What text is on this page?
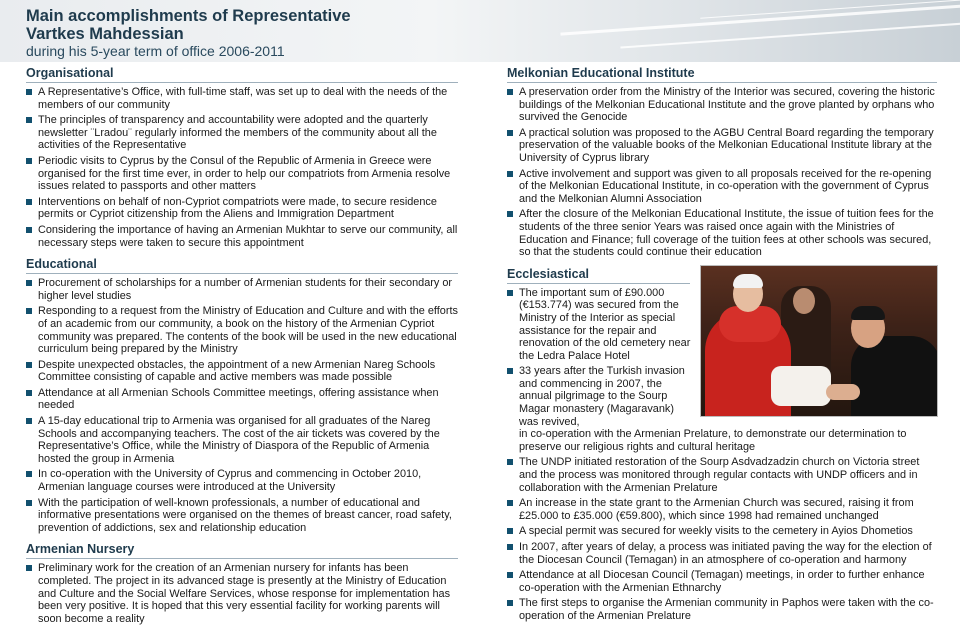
Main accomplishments of Representative
Vartkes Mahdessian
during his 5-year term of office 2006-2011
Organisational
A Representative’s Office, with full-time staff, was set up to deal with the needs of the members of our community
The principles of transparency and accountability were adopted and the quarterly newsletter ¨Lradou¨ regularly informed the members of the community about all the activities of the Representative
Periodic visits to Cyprus by the Consul of the Republic of Armenia in Greece were organised for the first time ever, in order to help our compatriots from Armenia resolve issues related to passports and other matters
Interventions on behalf of non-Cypriot compatriots were made, to secure residence permits or Cypriot citizenship from the Aliens and Immigration Department
Considering the importance of having an Armenian Mukhtar to serve our community, all necessary steps were taken to secure this appointment
Educational
Procurement of scholarships for a number of Armenian students for their secondary or higher level studies
Responding to a request from the Ministry of Education and Culture and with the efforts of an academic from our community, a book on the history of the Armenian Cypriot community was prepared. The contents of the book will be used in the new educational curriculum being prepared by the Ministry
Despite unexpected obstacles, the appointment of a new Armenian Nareg Schools Committee consisting of capable and active members was made possible
Attendance at all Armenian Schools Committee meetings, offering assistance when needed
A 15-day educational trip to Armenia was organised for all graduates of the Nareg Schools and accompanying teachers. The cost of the air tickets was covered by the Representative’s Office, while the Ministry of Diaspora of the Republic of Armenia hosted the group in Armenia
In co-operation with the University of Cyprus and commencing in October 2010, Armenian language courses were introduced at the University
With the participation of well-known professionals, a number of educational and informative presentations were organised on the themes of breast cancer, road safety, prevention of addictions, sex and relationship education
Armenian Nursery
Preliminary work for the creation of an Armenian nursery for infants has been completed. The project in its advanced stage is presently at the Ministry of Education and Culture and the Social Welfare Services, whose response for implementation has been very positive. It is hoped that this very essential facility for working parents will soon become a reality
Melkonian Educational Institute
A preservation order from the Ministry of the Interior was secured, covering the historic buildings of the Melkonian Educational Institute and the grove planted by orphans who survived the Genocide
A practical solution was proposed to the AGBU Central Board regarding the temporary preservation of the valuable books of the Melkonian Educational Institute library at the University of Cyprus library
Active involvement and support was given to all proposals received for the re-opening of the Melkonian Educational Institute, in co-operation with the government of Cyprus and the Melkonian Alumni Association
After the closure of the Melkonian Educational Institute, the issue of tuition fees for the students of the three senior Years was raised once again with the Ministries of Education and Finance; full coverage of the tuition fees at other schools was secured, so that the students could continue their education
Ecclesiastical
The important sum of £90.000 (€153.774) was secured from the Ministry of the Interior as special assistance for the repair and renovation of the old cemetery near the Ledra Palace Hotel
33 years after the Turkish invasion and commencing in 2007, the annual pilgrimage to the Sourp Magar monastery (Magaravank) was revived,
in co-operation with the Armenian Prelature, to demonstrate our determination to preserve our religious rights and cultural heritage
The UNDP initiated restoration of the Sourp Asdvadzadzin church on Victoria street and the process was monitored through regular contacts with UNDP officers and in collaboration with the Armenian Prelature
An increase in the state grant to the Armenian Church was secured, raising it from £25.000 to £35.000 (€59.800), which since 1998 had remained unchanged
A special permit was secured for weekly visits to the cemetery in Ayios Dhometios
In 2007, after years of delay, a process was initiated paving the way for the election of the Diocesan Council (Temagan) in an atmosphere of co-operation and harmony
Attendance at all Diocesan Council (Temagan) meetings, in order to further enhance co-operation with the Armenian Ethnarchy
The first steps to organise the Armenian community in Paphos were taken with the co-operation of the Armenian Prelature
